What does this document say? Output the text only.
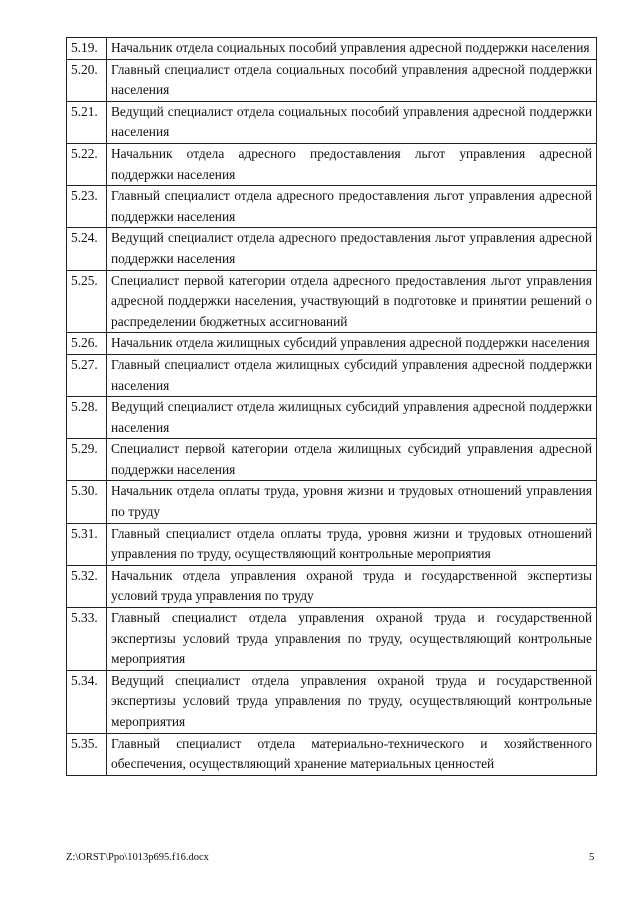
5.19.	Начальник отдела социальных пособий управления адресной поддержки населения
5.20.	Главный специалист отдела социальных пособий управления адресной поддержки населения
5.21.	Ведущий специалист отдела социальных пособий управления адресной поддержки населения
5.22.	Начальник отдела адресного предоставления льгот управления адресной поддержки населения
5.23.	Главный специалист отдела адресного предоставления льгот управления адресной поддержки населения
5.24.	Ведущий специалист отдела адресного предоставления льгот управления адресной поддержки населения
5.25.	Специалист первой категории отдела адресного предоставления льгот управления адресной поддержки населения, участвующий в подготовке и принятии решений о распределении бюджетных ассигнований
5.26.	Начальник отдела жилищных субсидий управления адресной поддержки населения
5.27.	Главный специалист отдела жилищных субсидий управления адресной поддержки населения
5.28.	Ведущий специалист отдела жилищных субсидий управления адресной поддержки населения
5.29.	Специалист первой категории отдела жилищных субсидий управления адресной поддержки населения
5.30.	Начальник отдела оплаты труда, уровня жизни и трудовых отношений управления по труду
5.31.	Главный специалист отдела оплаты труда, уровня жизни и трудовых отношений управления по труду, осуществляющий контрольные мероприятия
5.32.	Начальник отдела управления охраной труда и государственной экспертизы условий труда управления по труду
5.33.	Главный специалист отдела управления охраной труда и государственной экспертизы условий труда управления по труду, осуществляющий контрольные мероприятия
5.34.	Ведущий специалист отдела управления охраной труда и государственной экспертизы условий труда управления по труду, осуществляющий контрольные мероприятия
5.35.	Главный специалист отдела материально-технического и хозяйственного обеспечения, осуществляющий хранение материальных ценностей
Z:\ORST\Ppo\1013p695.f16.docx	5
